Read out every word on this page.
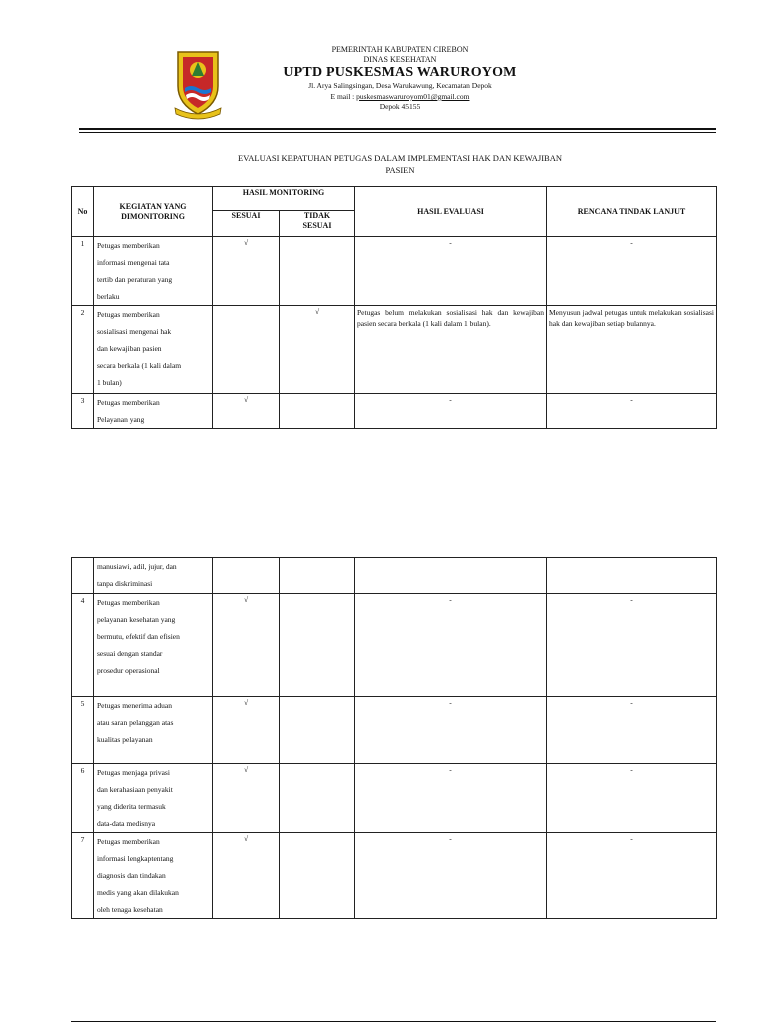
PEMERINTAH KABUPATEN CIREBON
DINAS KESEHATAN
UPTD PUSKESMAS WARUROYOM
Jl. Arya Salingsingan, Desa Warukawung, Kecamatan Depok
E mail : puskesmaswaruroyom01@gmail.com
Depok 45155
EVALUASI KEPATUHAN PETUGAS DALAM IMPLEMENTASI HAK DAN KEWAJIBAN
PASIEN
No	KEGIATAN YANG DIMONITORING	HASIL MONITORING		HASIL EVALUASI	RENCANA TINDAK LANJUT
		SESUAI	TIDAK SESUAI		
1	Petugas memberikan
informasi mengenai tata
tertib dan peraturan yang
berlaku	√		-	-
2	Petugas memberikan
sosialisasi mengenai hak
dan kewajiban pasien
secara berkala (1 kali dalam
1 bulan)		√	Petugas belum melakukan sosialisasi hak dan kewajiban pasien secara berkala (1 kali dalam 1 bulan).	Menyusun jadwal petugas untuk melakukan sosialisasi hak dan kewajiban setiap bulannya.
3	Petugas memberikan
Pelayanan yang	√		-	-

	manusiawi, adil, jujur, dan
tanpa diskriminasi				

4	Petugas memberikan
pelayanan kesehatan yang
bermutu, efektif dan efisien
sesuai dengan standar
prosedur operasional	√		-	-
5	Petugas menerima aduan
atau saran pelanggan atas
kualitas pelayanan	√		-	-
6	Petugas menjaga privasi
dan kerahasiaan penyakit
yang diderita termasuk
data-data medisnya	√		-	-
7	Petugas memberikan
informasi lengkaptentang
diagnosis dan tindakan
medis yang akan dilakukan
oleh tenaga kesehatan	√		-	-
